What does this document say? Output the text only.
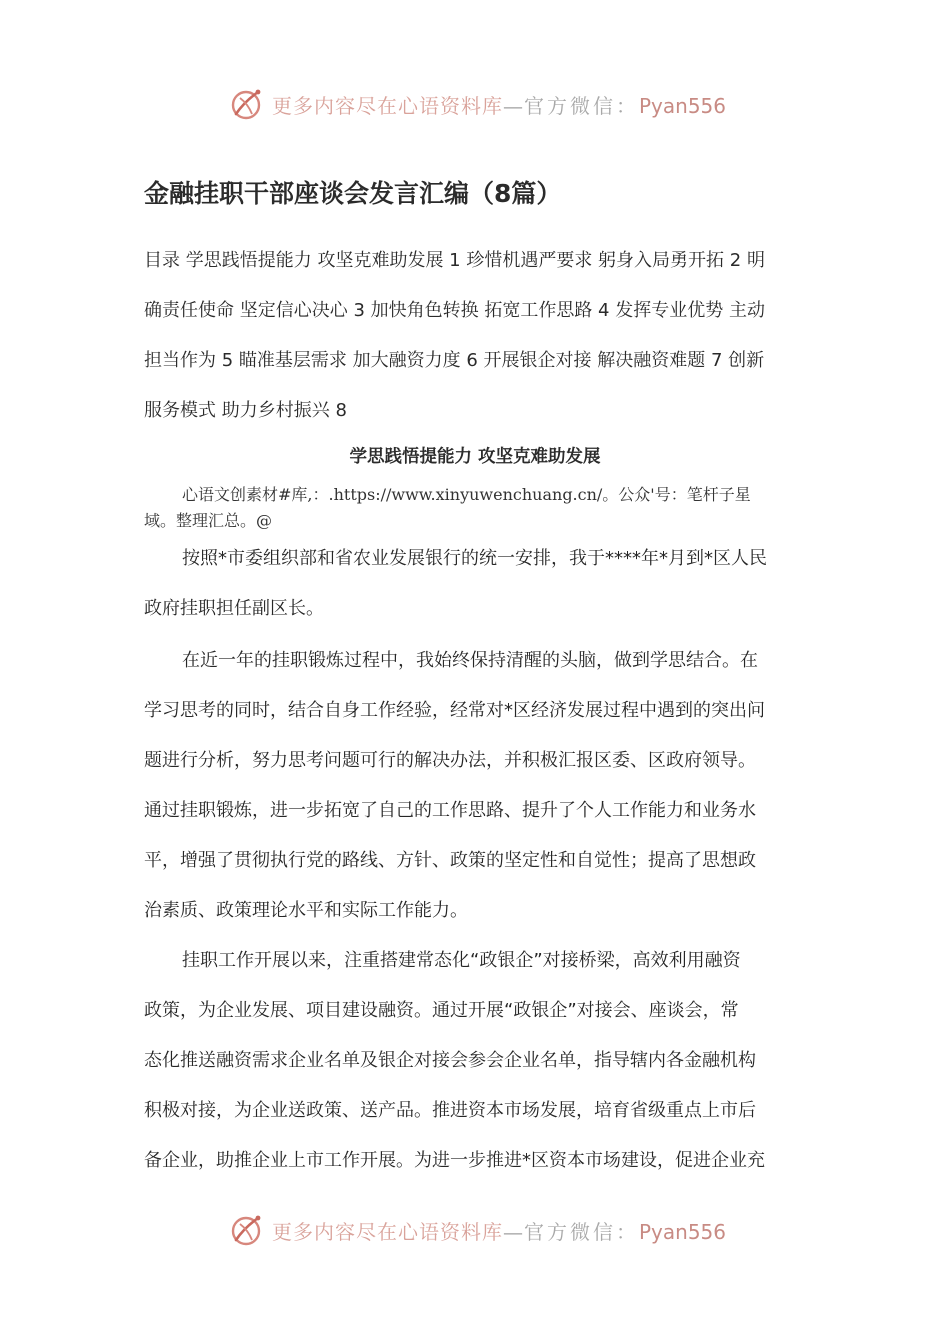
更多内容尽在心语资料库—官方微信：Pyan556
金融挂职干部座谈会发言汇编（8篇）
目录 学思践悟提能力 攻坚克难助发展 1 珍惜机遇严要求 躬身入局勇开拓 2 明
确责任使命 坚定信心决心 3 加快角色转换 拓宽工作思路 4 发挥专业优势 主动
担当作为 5 瞄准基层需求 加大融资力度 6 开展银企对接 解决融资难题 7 创新
服务模式 助力乡村振兴 8
学思践悟提能力 攻坚克难助发展
心语文创素材#库,：.https://www.xinyuwenchuang.cn/。公众'号：笔杆子星
域。整理汇总。@
按照*市委组织部和省农业发展银行的统一安排，我于****年*月到*区人民
政府挂职担任副区长。
在近一年的挂职锻炼过程中，我始终保持清醒的头脑，做到学思结合。在
学习思考的同时，结合自身工作经验，经常对*区经济发展过程中遇到的突出问
题进行分析，努力思考问题可行的解决办法，并积极汇报区委、区政府领导。
通过挂职锻炼，进一步拓宽了自己的工作思路、提升了个人工作能力和业务水
平，增强了贯彻执行党的路线、方针、政策的坚定性和自觉性；提高了思想政
治素质、政策理论水平和实际工作能力。
挂职工作开展以来，注重搭建常态化“政银企”对接桥梁，高效利用融资
政策，为企业发展、项目建设融资。通过开展“政银企”对接会、座谈会，常
态化推送融资需求企业名单及银企对接会参会企业名单，指导辖内各金融机构
积极对接，为企业送政策、送产品。推进资本市场发展，培育省级重点上市后
备企业，助推企业上市工作开展。为进一步推进*区资本市场建设，促进企业充
更多内容尽在心语资料库—官方微信：Pyan556
